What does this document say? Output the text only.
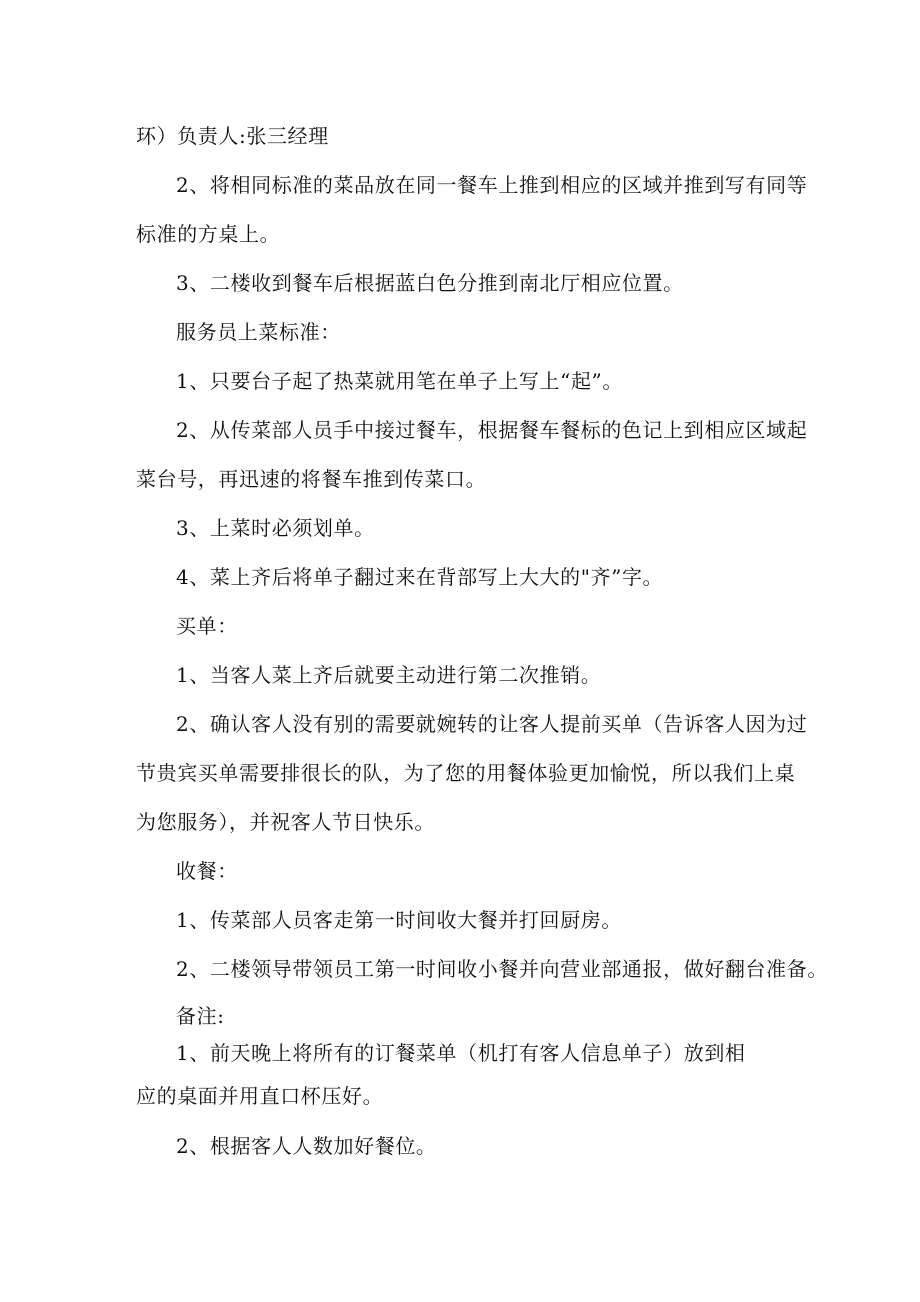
环）负责人:张三经理
2、将相同标准的菜品放在同一餐车上推到相应的区域并推到写有同等
标准的方桌上。
3、二楼收到餐车后根据蓝白色分推到南北厅相应位置。
服务员上菜标准：
1、只要台子起了热菜就用笔在单子上写上“起”。
2、从传菜部人员手中接过餐车，根据餐车餐标的色记上到相应区域起
菜台号，再迅速的将餐车推到传菜口。
3、上菜时必须划单。
4、菜上齐后将单子翻过来在背部写上大大的"齐”字。
买单：
1、当客人菜上齐后就要主动进行第二次推销。
2、确认客人没有别的需要就婉转的让客人提前买单（告诉客人因为过
节贵宾买单需要排很长的队，为了您的用餐体验更加愉悦，所以我们上桌
为您服务），并祝客人节日快乐。
收餐：
1、传菜部人员客走第一时间收大餐并打回厨房。
2、二楼领导带领员工第一时间收小餐并向营业部通报，做好翻台准备。
备注:
1、前天晚上将所有的订餐菜单（机打有客人信息单子）放到相
应的桌面并用直口杯压好。
2、根据客人人数加好餐位。
